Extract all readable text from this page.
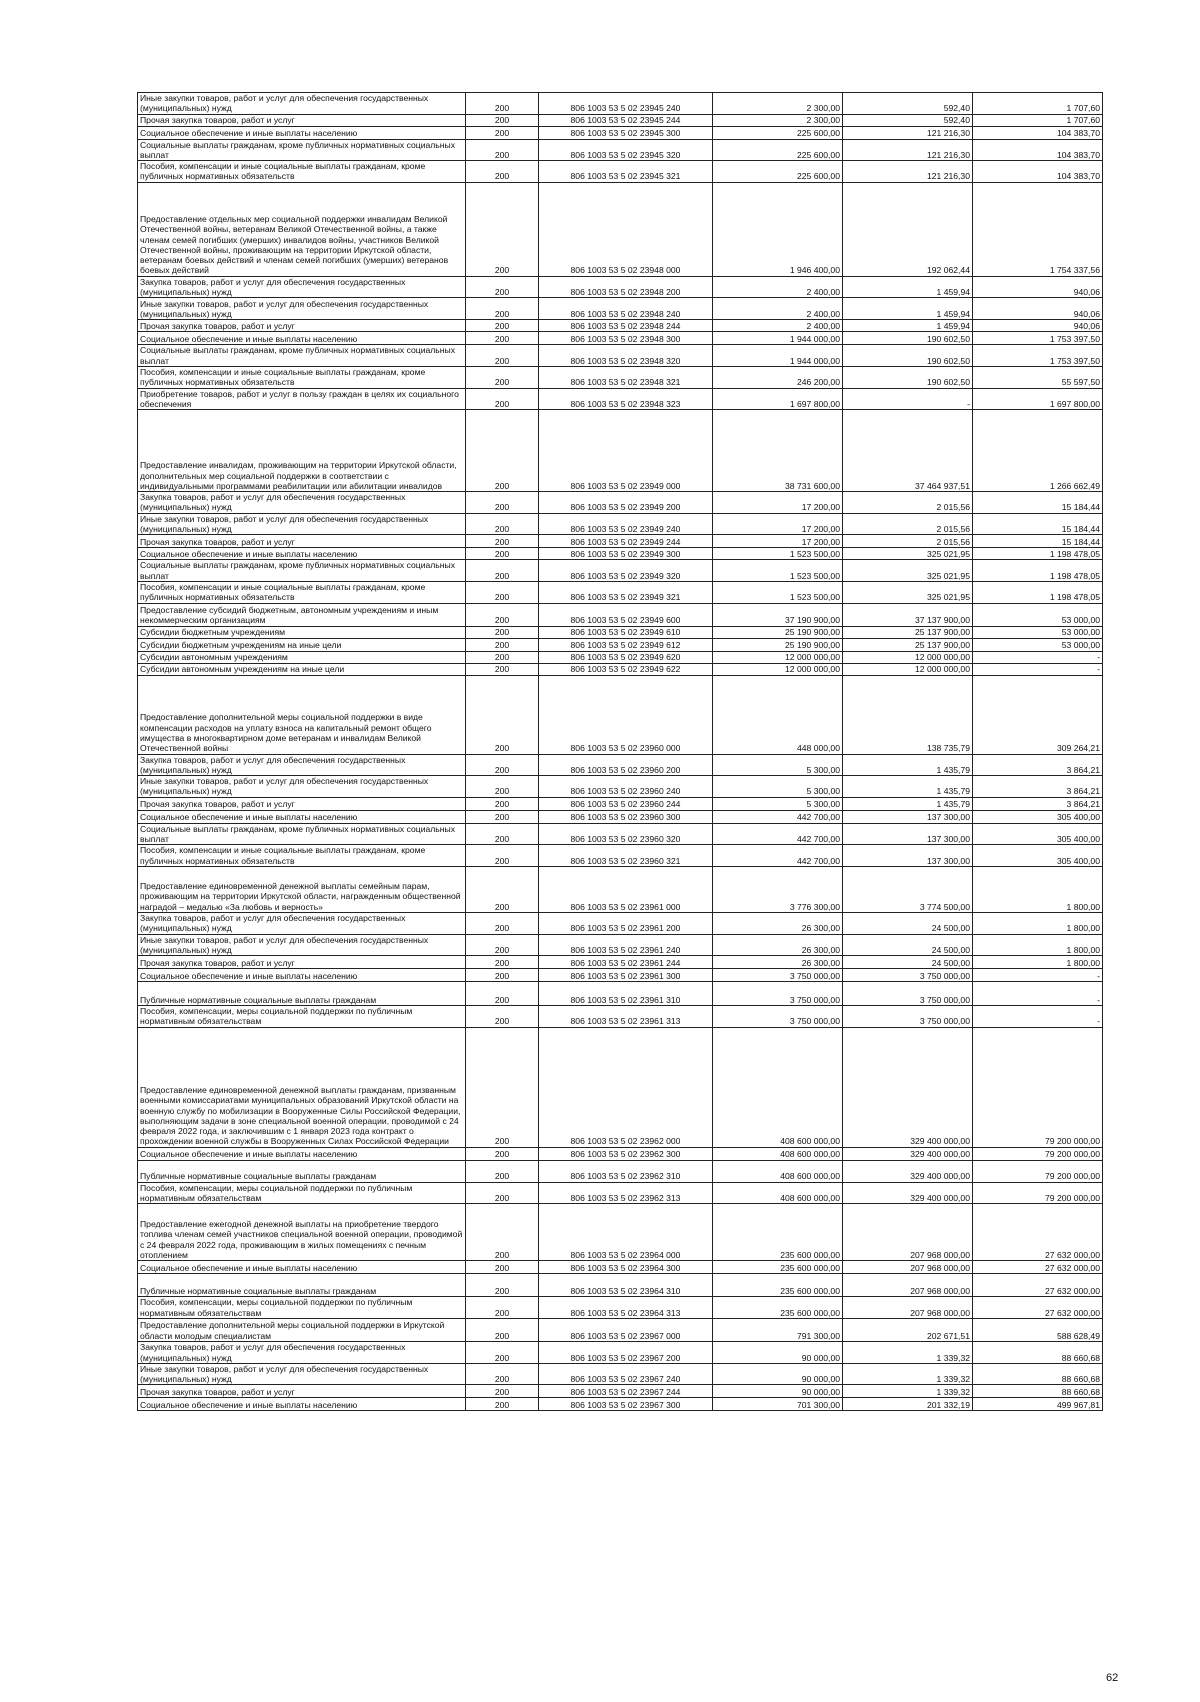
Иные закупки товаров, работ и услуг для обеспечения государственных (муниципальных) нужд	200	806 1003 53 5 02 23945 240	2 300,00	592,40	1 707,60
Прочая закупка товаров, работ и услуг	200	806 1003 53 5 02 23945 244	2 300,00	592,40	1 707,60
Социальное обеспечение и иные выплаты населению	200	806 1003 53 5 02 23945 300	225 600,00	121 216,30	104 383,70
Социальные выплаты гражданам, кроме публичных нормативных социальных выплат	200	806 1003 53 5 02 23945 320	225 600,00	121 216,30	104 383,70
Пособия, компенсации и иные социальные выплаты гражданам, кроме публичных нормативных обязательств	200	806 1003 53 5 02 23945 321	225 600,00	121 216,30	104 383,70
Предоставление отдельных мер социальной поддержки инвалидам Великой Отечественной войны, ветеранам Великой Отечественной войны, а также членам семей погибших (умерших) инвалидов войны, участников Великой Отечественной войны, проживающим на территории Иркутской области, ветеранам боевых действий и членам семей погибших (умерших) ветеранов боевых действий	200	806 1003 53 5 02 23948 000	1 946 400,00	192 062,44	1 754 337,56
Закупка товаров, работ и услуг для обеспечения государственных (муниципальных) нужд	200	806 1003 53 5 02 23948 200	2 400,00	1 459,94	940,06
Иные закупки товаров, работ и услуг для обеспечения государственных (муниципальных) нужд	200	806 1003 53 5 02 23948 240	2 400,00	1 459,94	940,06
Прочая закупка товаров, работ и услуг	200	806 1003 53 5 02 23948 244	2 400,00	1 459,94	940,06
Социальное обеспечение и иные выплаты населению	200	806 1003 53 5 02 23948 300	1 944 000,00	190 602,50	1 753 397,50
Социальные выплаты гражданам, кроме публичных нормативных социальных выплат	200	806 1003 53 5 02 23948 320	1 944 000,00	190 602,50	1 753 397,50
Пособия, компенсации и иные социальные выплаты гражданам, кроме публичных нормативных обязательств	200	806 1003 53 5 02 23948 321	246 200,00	190 602,50	55 597,50
Приобретение товаров, работ и услуг в пользу граждан в целях их социального обеспечения	200	806 1003 53 5 02 23948 323	1 697 800,00	-	1 697 800,00
Предоставление инвалидам, проживающим на территории Иркутской области, дополнительных мер социальной поддержки в соответствии с индивидуальными программами реабилитации или абилитации инвалидов	200	806 1003 53 5 02 23949 000	38 731 600,00	37 464 937,51	1 266 662,49
Закупка товаров, работ и услуг для обеспечения государственных (муниципальных) нужд	200	806 1003 53 5 02 23949 200	17 200,00	2 015,56	15 184,44
Иные закупки товаров, работ и услуг для обеспечения государственных (муниципальных) нужд	200	806 1003 53 5 02 23949 240	17 200,00	2 015,56	15 184,44
Прочая закупка товаров, работ и услуг	200	806 1003 53 5 02 23949 244	17 200,00	2 015,56	15 184,44
Социальное обеспечение и иные выплаты населению	200	806 1003 53 5 02 23949 300	1 523 500,00	325 021,95	1 198 478,05
Социальные выплаты гражданам, кроме публичных нормативных социальных выплат	200	806 1003 53 5 02 23949 320	1 523 500,00	325 021,95	1 198 478,05
Пособия, компенсации и иные социальные выплаты гражданам, кроме публичных нормативных обязательств	200	806 1003 53 5 02 23949 321	1 523 500,00	325 021,95	1 198 478,05
Предоставление субсидий бюджетным, автономным учреждениям и иным некоммерческим организациям	200	806 1003 53 5 02 23949 600	37 190 900,00	37 137 900,00	53 000,00
Субсидии бюджетным учреждениям	200	806 1003 53 5 02 23949 610	25 190 900,00	25 137 900,00	53 000,00
Субсидии бюджетным учреждениям на иные цели	200	806 1003 53 5 02 23949 612	25 190 900,00	25 137 900,00	53 000,00
Субсидии автономным учреждениям	200	806 1003 53 5 02 23949 620	12 000 000,00	12 000 000,00	-
Субсидии автономным учреждениям на иные цели	200	806 1003 53 5 02 23949 622	12 000 000,00	12 000 000,00	-
Предоставление дополнительной меры социальной поддержки в виде компенсации расходов на уплату взноса на капитальный ремонт общего имущества в многоквартирном доме ветеранам и инвалидам Великой Отечественной войны	200	806 1003 53 5 02 23960 000	448 000,00	138 735,79	309 264,21
Закупка товаров, работ и услуг для обеспечения государственных (муниципальных) нужд	200	806 1003 53 5 02 23960 200	5 300,00	1 435,79	3 864,21
Иные закупки товаров, работ и услуг для обеспечения государственных (муниципальных) нужд	200	806 1003 53 5 02 23960 240	5 300,00	1 435,79	3 864,21
Прочая закупка товаров, работ и услуг	200	806 1003 53 5 02 23960 244	5 300,00	1 435,79	3 864,21
Социальное обеспечение и иные выплаты населению	200	806 1003 53 5 02 23960 300	442 700,00	137 300,00	305 400,00
Социальные выплаты гражданам, кроме публичных нормативных социальных выплат	200	806 1003 53 5 02 23960 320	442 700,00	137 300,00	305 400,00
Пособия, компенсации и иные социальные выплаты гражданам, кроме публичных нормативных обязательств	200	806 1003 53 5 02 23960 321	442 700,00	137 300,00	305 400,00
Предоставление единовременной денежной выплаты семейным парам, проживающим на территории Иркутской области, награжденным общественной наградой – медалью «За любовь и верность»	200	806 1003 53 5 02 23961 000	3 776 300,00	3 774 500,00	1 800,00
Закупка товаров, работ и услуг для обеспечения государственных (муниципальных) нужд	200	806 1003 53 5 02 23961 200	26 300,00	24 500,00	1 800,00
Иные закупки товаров, работ и услуг для обеспечения государственных (муниципальных) нужд	200	806 1003 53 5 02 23961 240	26 300,00	24 500,00	1 800,00
Прочая закупка товаров, работ и услуг	200	806 1003 53 5 02 23961 244	26 300,00	24 500,00	1 800,00
Социальное обеспечение и иные выплаты населению	200	806 1003 53 5 02 23961 300	3 750 000,00	3 750 000,00	-
Публичные нормативные социальные выплаты гражданам	200	806 1003 53 5 02 23961 310	3 750 000,00	3 750 000,00	-
Пособия, компенсации, меры социальной поддержки по публичным нормативным обязательствам	200	806 1003 53 5 02 23961 313	3 750 000,00	3 750 000,00	-
Предоставление единовременной денежной выплаты гражданам, призванным военными комиссариатами муниципальных образований Иркутской области на военную службу по мобилизации в Вооруженные Силы Российской Федерации, выполняющим задачи в зоне специальной военной операции, проводимой с 24 февраля 2022 года, и заключившим с 1 января 2023 года контракт о прохождении военной службы в Вооруженных Силах Российской Федерации	200	806 1003 53 5 02 23962 000	408 600 000,00	329 400 000,00	79 200 000,00
Социальное обеспечение и иные выплаты населению	200	806 1003 53 5 02 23962 300	408 600 000,00	329 400 000,00	79 200 000,00
Публичные нормативные социальные выплаты гражданам	200	806 1003 53 5 02 23962 310	408 600 000,00	329 400 000,00	79 200 000,00
Пособия, компенсации, меры социальной поддержки по публичным нормативным обязательствам	200	806 1003 53 5 02 23962 313	408 600 000,00	329 400 000,00	79 200 000,00
Предоставление ежегодной денежной выплаты на приобретение твердого топлива членам семей участников специальной военной операции, проводимой с 24 февраля 2022 года, проживающим в жилых помещениях с печным отоплением	200	806 1003 53 5 02 23964 000	235 600 000,00	207 968 000,00	27 632 000,00
Социальное обеспечение и иные выплаты населению	200	806 1003 53 5 02 23964 300	235 600 000,00	207 968 000,00	27 632 000,00
Публичные нормативные социальные выплаты гражданам	200	806 1003 53 5 02 23964 310	235 600 000,00	207 968 000,00	27 632 000,00
Пособия, компенсации, меры социальной поддержки по публичным нормативным обязательствам	200	806 1003 53 5 02 23964 313	235 600 000,00	207 968 000,00	27 632 000,00
Предоставление дополнительной меры социальной поддержки в Иркутской области молодым специалистам	200	806 1003 53 5 02 23967 000	791 300,00	202 671,51	588 628,49
Закупка товаров, работ и услуг для обеспечения государственных (муниципальных) нужд	200	806 1003 53 5 02 23967 200	90 000,00	1 339,32	88 660,68
Иные закупки товаров, работ и услуг для обеспечения государственных (муниципальных) нужд	200	806 1003 53 5 02 23967 240	90 000,00	1 339,32	88 660,68
Прочая закупка товаров, работ и услуг	200	806 1003 53 5 02 23967 244	90 000,00	1 339,32	88 660,68
Социальное обеспечение и иные выплаты населению	200	806 1003 53 5 02 23967 300	701 300,00	201 332,19	499 967,81
62
